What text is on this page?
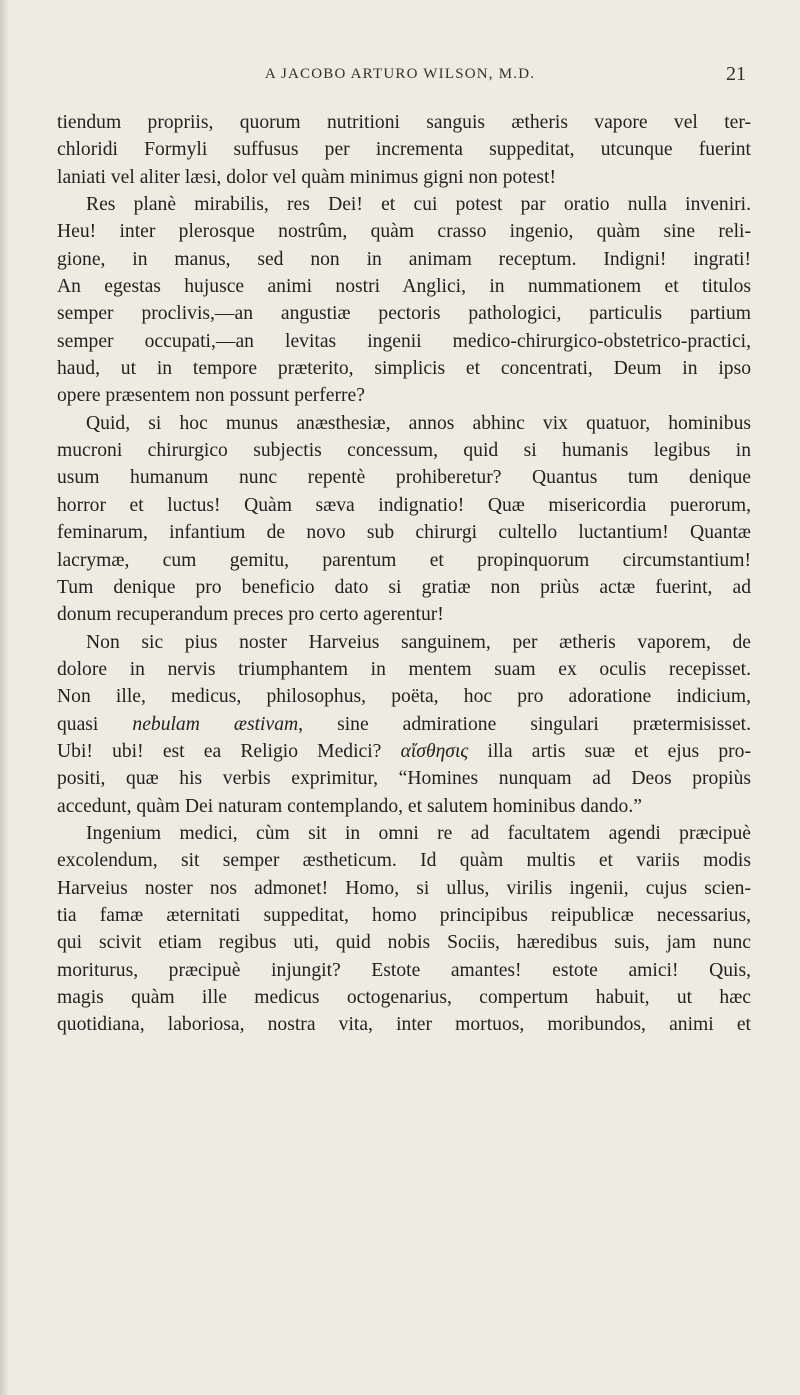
A JACOBO ARTURO WILSON, M.D.	21
tiendum propriis, quorum nutritioni sanguis ætheris vapore vel ter-
chloridi Formyli suffusus per incrementa suppeditat, utcunque fuerint
laniati vel aliter læsi, dolor vel quàm minimus gigni non potest!
Res planè mirabilis, res Dei! et cui potest par oratio nulla inveniri.
Heu! inter plerosque nostrûm, quàm crasso ingenio, quàm sine reli-
gione, in manus, sed non in animam receptum. Indigni! ingrati!
An egestas hujusce animi nostri Anglici, in nummationem et titulos
semper proclivis,—an angustiæ pectoris pathologici, particulis partium
semper occupati,—an levitas ingenii medico-chirurgico-obstetrico-practici,
haud, ut in tempore præterito, simplicis et concentrati, Deum in ipso
opere præsentem non possunt perferre?
Quid, si hoc munus anæsthesiæ, annos abhinc vix quatuor, hominibus
mucroni chirurgico subjectis concessum, quid si humanis legibus in
usum humanum nunc repentè prohiberetur? Quantus tum denique
horror et luctus! Quàm sæva indignatio! Quæ misericordia puerorum,
feminarum, infantium de novo sub chirurgi cultello luctantium! Quantæ
lacrymæ, cum gemitu, parentum et propinquorum circumstantium!
Tum denique pro beneficio dato si gratiæ non priùs actæ fuerint, ad
donum recuperandum preces pro certo agerentur!
Non sic pius noster Harveius sanguinem, per ætheris vaporem, de
dolore in nervis triumphantem in mentem suam ex oculis recepisset.
Non ille, medicus, philosophus, poëta, hoc pro adoratione indicium,
quasi nebulam æstivam, sine admiratione singulari prætermisisset.
Ubi! ubi! est ea Religio Medici? αἴσθησις illa artis suæ et ejus pro-
positi, quæ his verbis exprimitur, “Homines nunquam ad Deos propiùs
accedunt, quàm Dei naturam contemplando, et salutem hominibus dando.”
Ingenium medici, cùm sit in omni re ad facultatem agendi præcipuè
excolendum, sit semper æstheticum. Id quàm multis et variis modis
Harveius noster nos admonet! Homo, si ullus, virilis ingenii, cujus scien-
tia famæ æternitati suppeditat, homo principibus reipublicæ necessarius,
qui scivit etiam regibus uti, quid nobis Sociis, hæredibus suis, jam nunc
moriturus, præcipuè injungit? Estote amantes! estote amici! Quis,
magis quàm ille medicus octogenarius, compertum habuit, ut hæc
quotidiana, laboriosa, nostra vita, inter mortuos, moribundos, animi et
